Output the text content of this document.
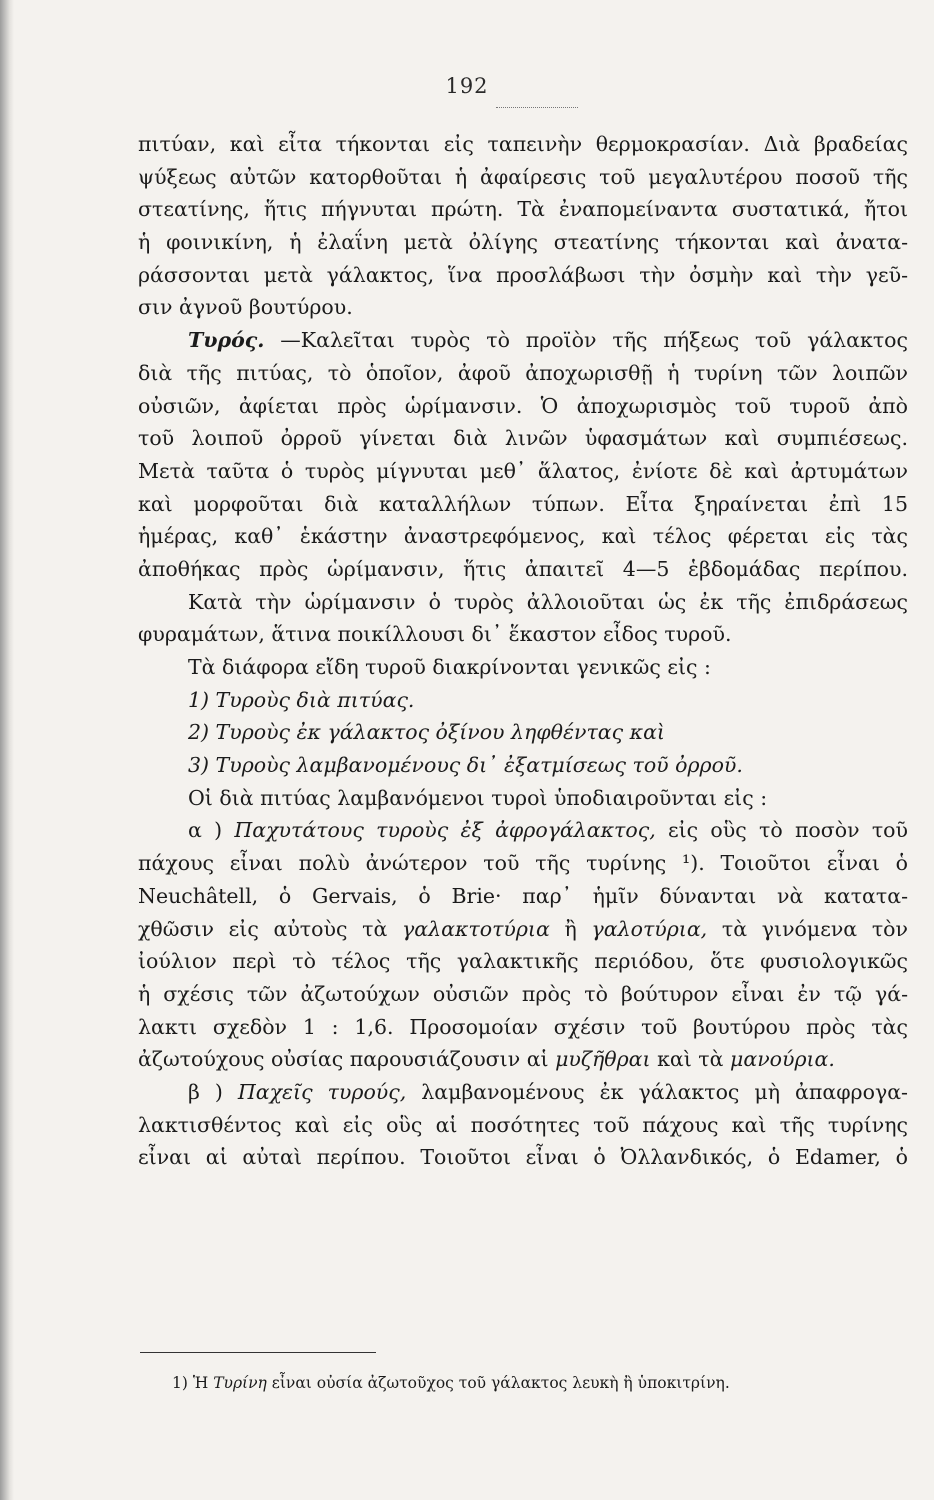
192
πιτύαν, καὶ εἶτα τήκονται εἰς ταπεινὴν θερμοκρασίαν. Διὰ βραδείας
ψύξεως αὐτῶν κατορθοῦται ἡ ἀφαίρεσις τοῦ μεγαλυτέρου ποσοῦ τῆς
στεατίνης, ἥτις πήγνυται πρώτη. Τὰ ἐναπομείναντα συστατικά, ἤτοι
ἡ φοινικίνη, ἡ ἐλαΐνη μετὰ ὀλίγης στεατίνης τήκονται καὶ ἀνατα-
ράσσονται μετὰ γάλακτος, ἵνα προσλάβωσι τὴν ὀσμὴν καὶ τὴν γεῦ-
σιν ἀγνοῦ βουτύρου.
Τυρός. —Καλεῖται τυρὸς τὸ προϊὸν τῆς πήξεως τοῦ γάλακτος
διὰ τῆς πιτύας, τὸ ὁποῖον, ἀφοῦ ἀποχωρισθῇ ἡ τυρίνη τῶν λοιπῶν
οὐσιῶν, ἀφίεται πρὸς ὡρίμανσιν. Ὁ ἀποχωρισμὸς τοῦ τυροῦ ἀπὸ
τοῦ λοιποῦ ὀρροῦ γίνεται διὰ λινῶν ὑφασμάτων καὶ συμπιέσεως.
Μετὰ ταῦτα ὁ τυρὸς μίγνυται μεθ᾽ ἅλατος, ἐνίοτε δὲ καὶ ἀρτυμάτων
καὶ μορφοῦται διὰ καταλλήλων τύπων. Εἶτα ξηραίνεται ἐπὶ 15
ἡμέρας, καθ᾽ ἑκάστην ἀναστρεφόμενος, καὶ τέλος φέρεται εἰς τὰς
ἀποθήκας πρὸς ὡρίμανσιν, ἥτις ἀπαιτεῖ 4—5 ἑβδομάδας περίπου.
Κατὰ τὴν ὡρίμανσιν ὁ τυρὸς ἀλλοιοῦται ὡς ἐκ τῆς ἐπιδράσεως
φυραμάτων, ἅτινα ποικίλλουσι δι᾽ ἕκαστον εἶδος τυροῦ.
Τὰ διάφορα εἴδη τυροῦ διακρίνονται γενικῶς εἰς :
1) Τυροὺς διὰ πιτύας.
2) Τυροὺς ἐκ γάλακτος ὀξίνου ληφθέντας καὶ
3) Τυροὺς λαμβανομένους δι᾽ ἐξατμίσεως τοῦ ὀρροῦ.
Οἱ διὰ πιτύας λαμβανόμενοι τυροὶ ὑποδιαιροῦνται εἰς :
α ) Παχυτάτους τυροὺς ἐξ ἀφρογάλακτος, εἰς οὓς τὸ ποσὸν τοῦ
πάχους εἶναι πολὺ ἀνώτερον τοῦ τῆς τυρίνης ¹). Τοιοῦτοι εἶναι ὁ
Neuchâtell, ὁ Gervais, ὁ Brie· παρ᾽ ἡμῖν δύνανται νὰ κατατα-
χθῶσιν εἰς αὐτοὺς τὰ γαλακτοτύρια ἢ γαλοτύρια, τὰ γινόμενα τὸν
ἰούλιον περὶ τὸ τέλος τῆς γαλακτικῆς περιόδου, ὅτε φυσιολογικῶς
ἡ σχέσις τῶν ἀζωτούχων οὐσιῶν πρὸς τὸ βούτυρον εἶναι ἐν τῷ γά-
λακτι σχεδὸν 1 : 1,6. Προσομοίαν σχέσιν τοῦ βουτύρου πρὸς τὰς
ἀζωτούχους οὐσίας παρουσιάζουσιν αἱ μυζῆθραι καὶ τὰ μανούρια.
β ) Παχεῖς τυρούς, λαμβανομένους ἐκ γάλακτος μὴ ἀπαφρογα-
λακτισθέντος καὶ εἰς οὓς αἱ ποσότητες τοῦ πάχους καὶ τῆς τυρίνης
εἶναι αἱ αὐταὶ περίπου. Τοιοῦτοι εἶναι ὁ Ὀλλανδικός, ὁ Edamer, ὁ
1) Ἡ Τυρίνη εἶναι οὐσία ἀζωτοῦχος τοῦ γάλακτος λευκὴ ἢ ὑποκιτρίνη.
